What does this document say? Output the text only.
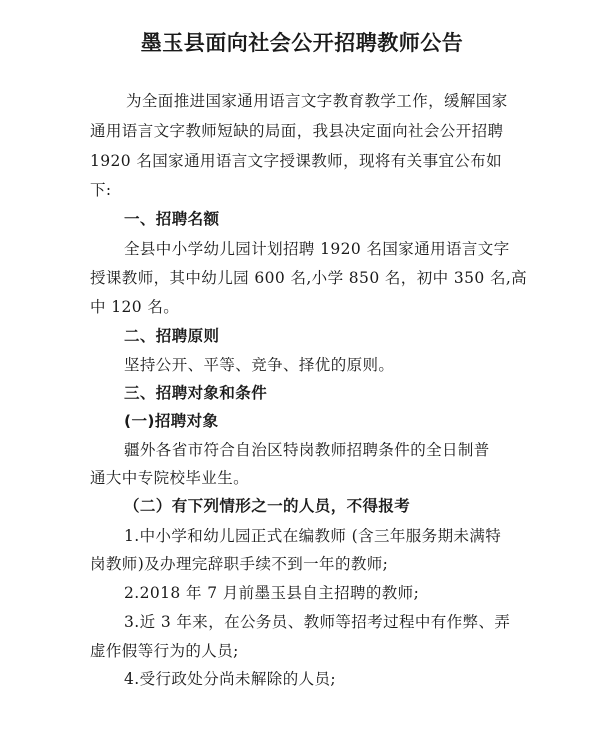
墨玉县面向社会公开招聘教师公告
为全面推进国家通用语言文字教育教学工作，缓解国家
通用语言文字教师短缺的局面，我县决定面向社会公开招聘
1920 名国家通用语言文字授课教师，现将有关事宜公布如
下:
一、招聘名额
全县中小学幼儿园计划招聘 1920 名国家通用语言文字
授课教师，其中幼儿园 600 名,小学 850 名，初中 350 名,高
中 120 名。
二、招聘原则
坚持公开、平等、竞争、择优的原则。
三、招聘对象和条件
(一)招聘对象
疆外各省市符合自治区特岗教师招聘条件的全日制普
通大中专院校毕业生。
（二）有下列情形之一的人员，不得报考
1.中小学和幼儿园正式在编教师 (含三年服务期未满特
岗教师)及办理完辞职手续不到一年的教师;
2.2018 年 7 月前墨玉县自主招聘的教师;
3.近 3 年来，在公务员、教师等招考过程中有作弊、弄
虚作假等行为的人员;
4.受行政处分尚未解除的人员;
